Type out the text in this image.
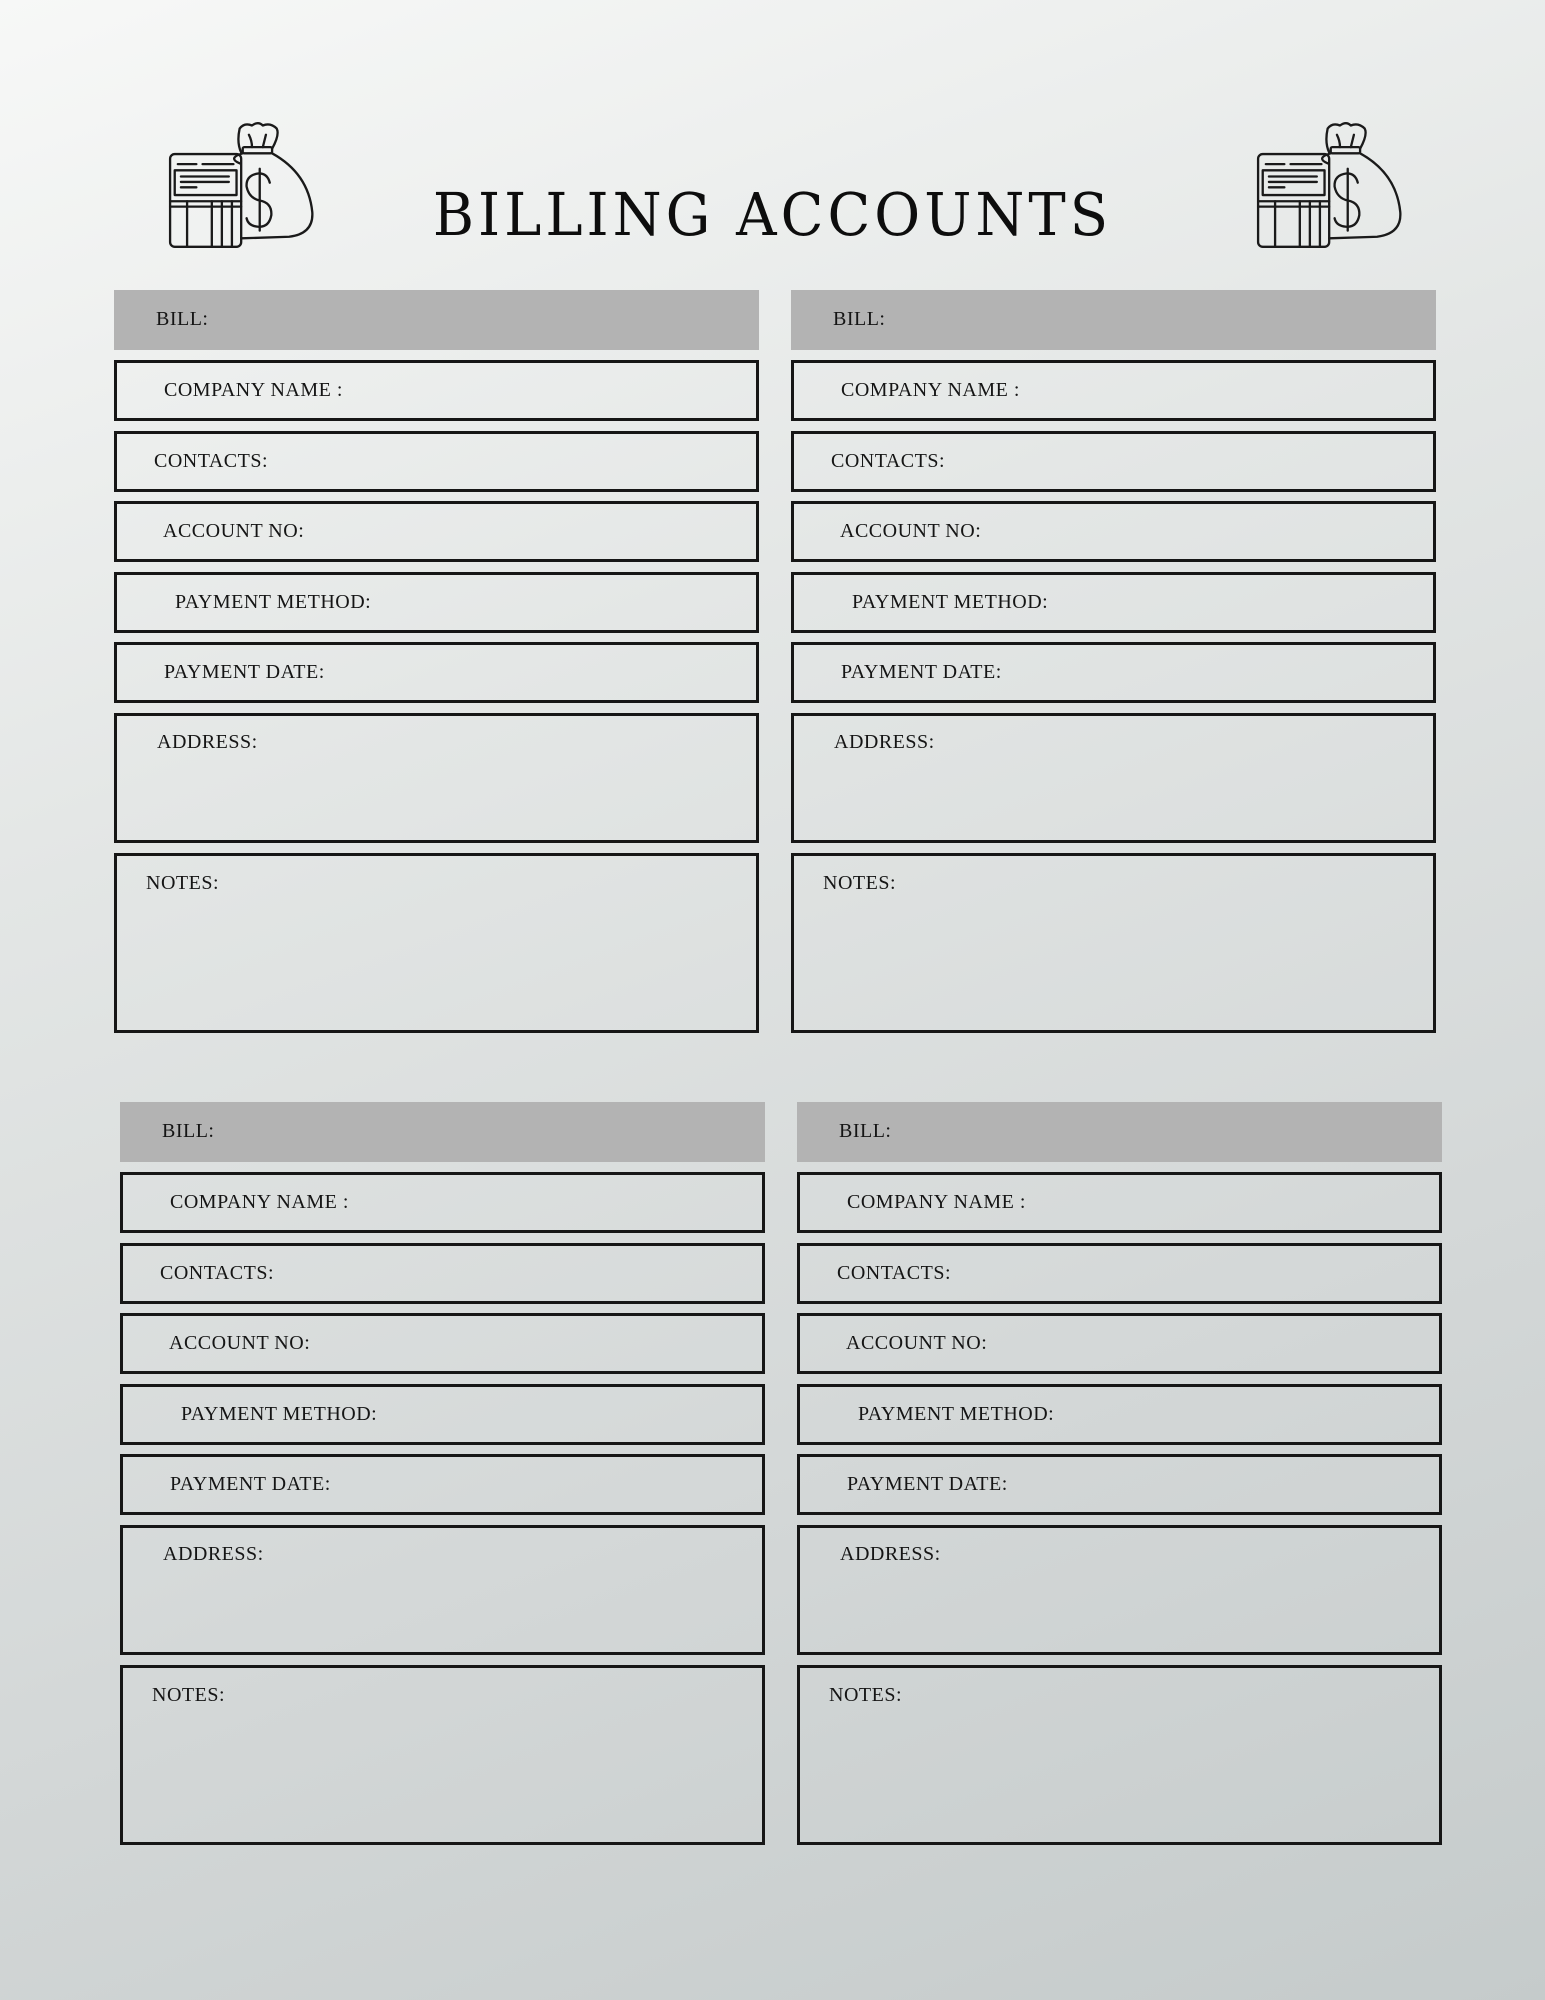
BILLING ACCOUNTS
BILL:
COMPANY NAME :
CONTACTS:
ACCOUNT NO:
PAYMENT METHOD:
PAYMENT DATE:
ADDRESS:
NOTES:
BILL:
COMPANY NAME :
CONTACTS:
ACCOUNT NO:
PAYMENT METHOD:
PAYMENT DATE:
ADDRESS:
NOTES:
BILL:
COMPANY NAME :
CONTACTS:
ACCOUNT NO:
PAYMENT METHOD:
PAYMENT DATE:
ADDRESS:
NOTES:
BILL:
COMPANY NAME :
CONTACTS:
ACCOUNT NO:
PAYMENT METHOD:
PAYMENT DATE:
ADDRESS:
NOTES:
